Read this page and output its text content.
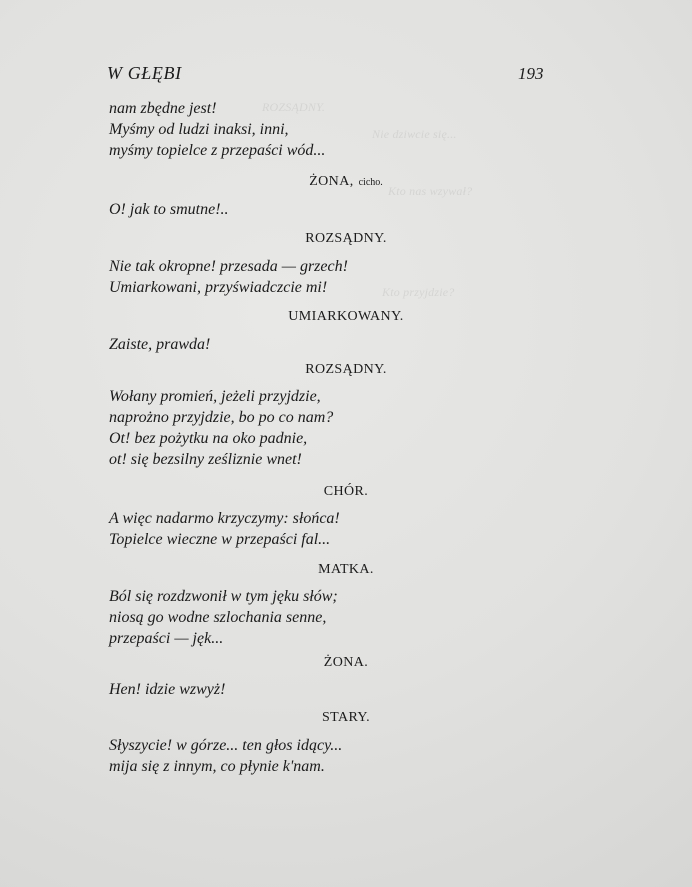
ROZSĄDNY.
Nie dziwcie się...
Kto nas wzywał?
Kto przyjdzie?
W GŁĘBI	193
nam zbędne jest!
Myśmy od ludzi inaksi, inni,
myśmy topielce z przepaści wód...
ŻONA, cicho.
O! jak to smutne!..
ROZSĄDNY.
Nie tak okropne! przesada — grzech!
Umiarkowani, przyświadczcie mi!
UMIARKOWANY.
Zaiste, prawda!
ROZSĄDNY.
Wołany promień, jeżeli przyjdzie,
naprożno przyjdzie, bo po co nam?
Ot! bez pożytku na oko padnie,
ot! się bezsilny ześliznie wnet!
CHÓR.
A więc nadarmo krzyczymy: słońca!
Topielce wieczne w przepaści fal...
MATKA.
Ból się rozdzwonił w tym jęku słów;
niosą go wodne szlochania senne,
przepaści — jęk...
ŻONA.
Hen! idzie wzwyż!
STARY.
Słyszycie! w górze... ten głos idący...
mija się z innym, co płynie k'nam.
